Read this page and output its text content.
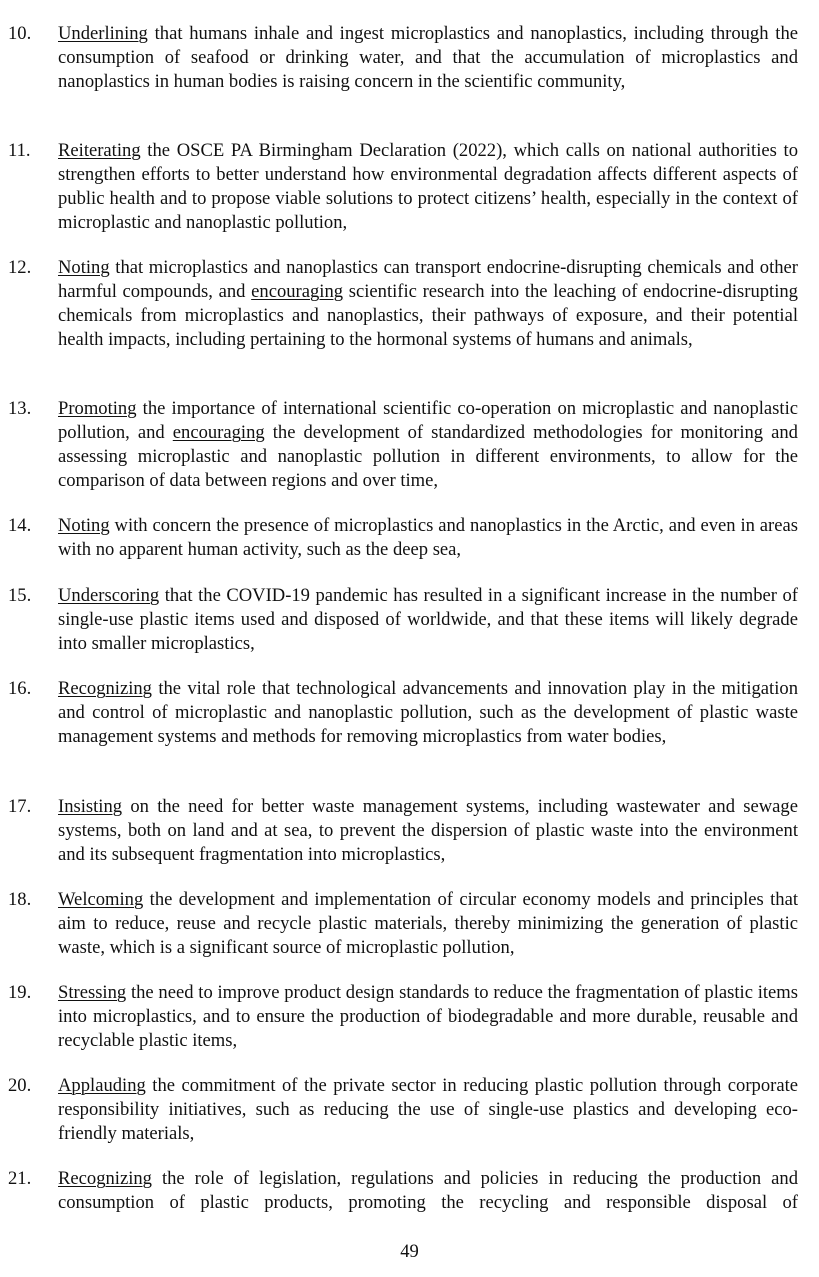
10.	Underlining that humans inhale and ingest microplastics and nanoplastics, including through the consumption of seafood or drinking water, and that the accumulation of microplastics and nanoplastics in human bodies is raising concern in the scientific community,
11.	Reiterating the OSCE PA Birmingham Declaration (2022), which calls on national authorities to strengthen efforts to better understand how environmental degradation affects different aspects of public health and to propose viable solutions to protect citizens’ health, especially in the context of microplastic and nanoplastic pollution,
12.	Noting that microplastics and nanoplastics can transport endocrine-disrupting chemicals and other harmful compounds, and encouraging scientific research into the leaching of endocrine-disrupting chemicals from microplastics and nanoplastics, their pathways of exposure, and their potential health impacts, including pertaining to the hormonal systems of humans and animals,
13.	Promoting the importance of international scientific co-operation on microplastic and nanoplastic pollution, and encouraging the development of standardized methodologies for monitoring and assessing microplastic and nanoplastic pollution in different environments, to allow for the comparison of data between regions and over time,
14.	Noting with concern the presence of microplastics and nanoplastics in the Arctic, and even in areas with no apparent human activity, such as the deep sea,
15.	Underscoring that the COVID-19 pandemic has resulted in a significant increase in the number of single-use plastic items used and disposed of worldwide, and that these items will likely degrade into smaller microplastics,
16.	Recognizing the vital role that technological advancements and innovation play in the mitigation and control of microplastic and nanoplastic pollution, such as the development of plastic waste management systems and methods for removing microplastics from water bodies,
17.	Insisting on the need for better waste management systems, including wastewater and sewage systems, both on land and at sea, to prevent the dispersion of plastic waste into the environment and its subsequent fragmentation into microplastics,
18.	Welcoming the development and implementation of circular economy models and principles that aim to reduce, reuse and recycle plastic materials, thereby minimizing the generation of plastic waste, which is a significant source of microplastic pollution,
19.	Stressing the need to improve product design standards to reduce the fragmentation of plastic items into microplastics, and to ensure the production of biodegradable and more durable, reusable and recyclable plastic items,
20.	Applauding the commitment of the private sector in reducing plastic pollution through corporate responsibility initiatives, such as reducing the use of single-use plastics and developing eco-friendly materials,
21.	Recognizing the role of legislation, regulations and policies in reducing the production and consumption of plastic products, promoting the recycling and responsible disposal of
49
